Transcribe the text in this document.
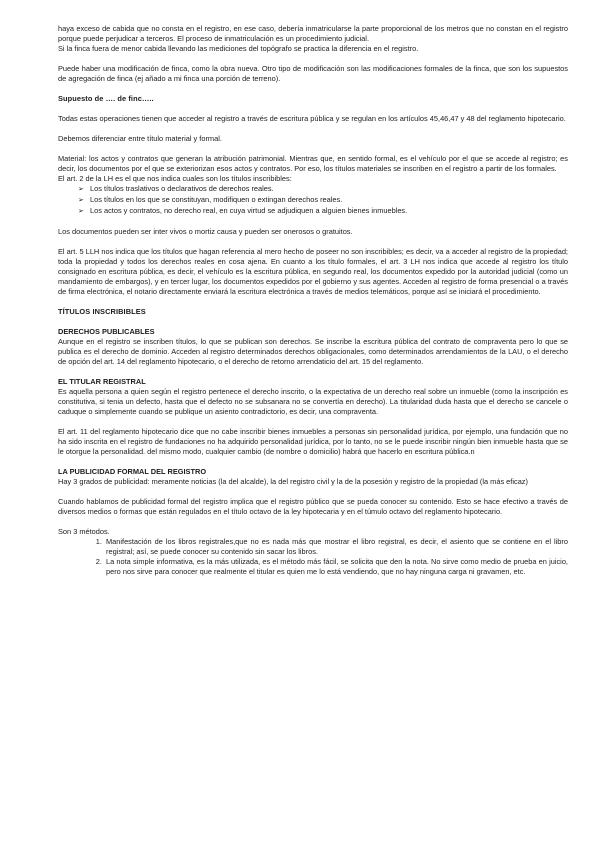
haya exceso de cabida que no consta en el registro, en ese caso, debería inmatricularse la parte proporcional de los metros que no constan en el registro porque puede perjudicar a terceros. El proceso de inmatriculación es un procedimiento judicial.

Si la finca fuera de menor cabida llevando las mediciones del topógrafo se practica la diferencia en el registro.

Puede haber una modificación de finca, como la obra nueva. Otro tipo de modificación son las modificaciones formales de la finca, que son los supuestos de agregación de finca (ej añado a mi finca una porción de terreno).

Supuesto de …. de finc…..

Todas estas operaciones tienen que acceder al registro a través de escritura pública y se regulan en los artículos 45,46,47 y 48 del reglamento hipotecario.

Debemos diferenciar entre título material y formal.

Material: los actos y contratos que generan la atribución patrimonial. Mientras que, en sentido formal, es el vehículo por el que se accede al registro; es decir, los documentos por el que se exteriorizan esos actos y contratos. Por eso, los títulos materiales se inscriben en el registro a partir de los formales.

El art. 2 de la LH es el que nos indica cuales son los títulos inscribibles:

➢ Los títulos traslativos o declarativos de derechos reales.
➢ Los títulos en los que se constituyan, modifiquen o extingan derechos reales.
➢ Los actos y contratos, no derecho real, en cuya virtud se adjudiquen a alguien bienes inmuebles.

Los documentos pueden ser inter vivos o mortiz causa y pueden ser onerosos o gratuitos.

El art. 5 LLH nos indica que los títulos que hagan referencia al mero hecho de poseer no son inscribibles; es decir, va a acceder al registro de la propiedad; toda la propiedad y todos los derechos reales en cosa ajena. En cuanto a los título formales, el art. 3 LH nos indica que accede al registro los título consignado en escritura pública, es decir, el vehículo es la escritura pública, en segundo real, los documentos expedido por la autoridad judicial (como un mandamiento de embargos), y en tercer lugar, los documentos expedidos por el gobierno y sus agentes. Acceden al registro de forma presencial o a través de firma electrónica, el notario directamente enviará la escritura electrónica a través de medios telemáticos, porque así se iniciará el procedimiento.

TÍTULOS INSCRIBIBLES

DERECHOS PUBLICABLES

Aunque en el registro se inscriben títulos, lo que se publican son derechos. Se inscribe la escritura pública del contrato de compraventa pero lo que se publica es el derecho de dominio. Acceden al registro determinados derechos obligacionales, como determinados arrendamientos de la LAU, o el derecho de opción del art. 14 del reglamento hipotecario, o el derecho de retorno arrendaticio del art. 15 del reglamento.

EL TITULAR REGISTRAL

Es aquella persona a quien según el registro pertenece el derecho inscrito, o la expectativa de un derecho real sobre un inmueble (como la inscripción es constitutiva, si tenia un defecto, hasta que el defecto no se subsanara no se convertía en derecho). La titularidad duda hasta que el derecho se cancele o caduque o simplemente cuando se publique un asiento contradictorio, es decir, una compraventa.

El art. 11 del reglamento hipotecario dice que no cabe inscribir bienes inmuebles a personas sin personalidad jurídica, por ejemplo, una fundación que no ha sido inscrita en el registro de fundaciones no ha adquirido personalidad jurídica, por lo tanto, no se le puede inscribir ningún bien inmueble hasta que se le otorgue la personalidad. del mismo modo, cualquier cambio (de nombre o domicilio) habrá que hacerlo en escritura pública.n

LA PUBLICIDAD FORMAL DEL REGISTRO

Hay 3 grados de publicidad: meramente noticias (la del alcalde), la del registro civil y la de la posesión y registro de la propiedad (la más eficaz)

Cuando hablamos de publicidad formal del registro implica que el registro público que se pueda conocer su contenido. Esto se hace efectivo a través de diversos medios o formas que están regulados en el título octavo de la ley hipotecaria y en el túmulo octavo del reglamento hipotecario.

Son 3 métodos.

1. Manifestación de los libros registrales,que no es nada más que mostrar el libro registral, es decir, el asiento que se contiene en el libro registral; así, se puede conocer su contenido sin sacar los libros.
2. La nota simple informativa, es la más utilizada, es el método más fácil, se solicita que den la nota. No sirve como medio de prueba en juicio, pero nos sirve para conocer que realmente el titular es quien me lo está vendiendo, que no hay ninguna carga ni gravamen, etc.
